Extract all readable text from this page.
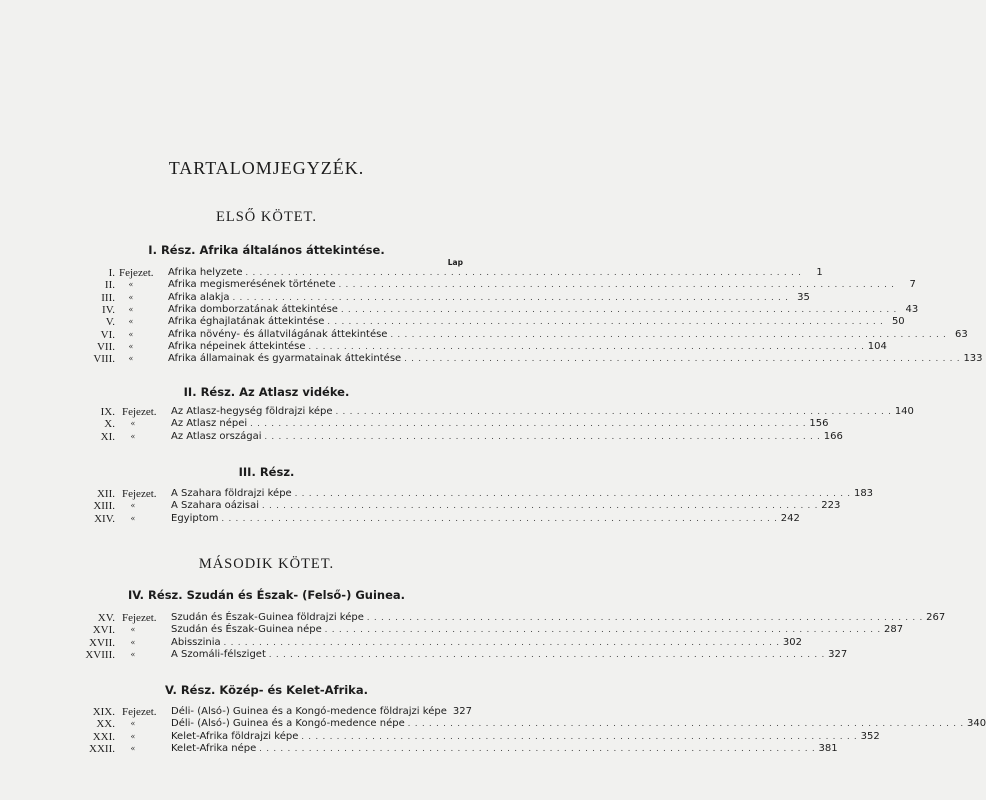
TARTALOMJEGYZÉK.
ELSŐ KÖTET.
I. Rész. Afrika általános áttekintése.
Lap
I. Fejezet. Afrika helyzete . . .	1
II.	«	Afrika megismerésének története . . .	7
III.	«	Afrika alakja . . .	35
IV.	«	Afrika domborzatának áttekintése . . .	43
V.	«	Afrika éghajlatának áttekintése . . .	50
VI.	«	Afrika növény- és állatvilágának áttekintése . . .	63
VII.	«	Afrika népeinek áttekintése . . .	104
VIII.	«	Afrika államainak és gyarmatainak áttekintése . . .	133
II. Rész. Az Atlasz vidéke.
IX. Fejezet. Az Atlasz-hegység földrajzi képe . . .	140
X.	«	Az Atlasz népei . . .	156
XI.	«	Az Atlasz országai . . .	166
III. Rész.
XII. Fejezet. A Szahara földrajzi képe . . .	183
XIII.	«	A Szahara oázisai . . .	223
XIV.	«	Egyiptom . . .	242
MÁSODIK KÖTET.
IV. Rész. Szudán és Észak- (Felső-) Guinea.
XV. Fejezet. Szudán és Észak-Guinea földrajzi képe . . .	267
XVI.	«	Szudán és Észak-Guinea népe . . .	287
XVII.	«	Abisszinia . . .	302
XVIII.	«	A Szomáli-félsziget . . .	327
V. Rész. Közép- és Kelet-Afrika.
XIX. Fejezet. Déli- (Alsó-) Guinea és a Kongó-medence földrajzi képe 327
XX.	«	Déli- (Alsó-) Guinea és a Kongó-medence népe . . .	340
XXI.	«	Kelet-Afrika földrajzi képe . . .	352
XXII.	«	Kelet-Afrika népe . . .	381
